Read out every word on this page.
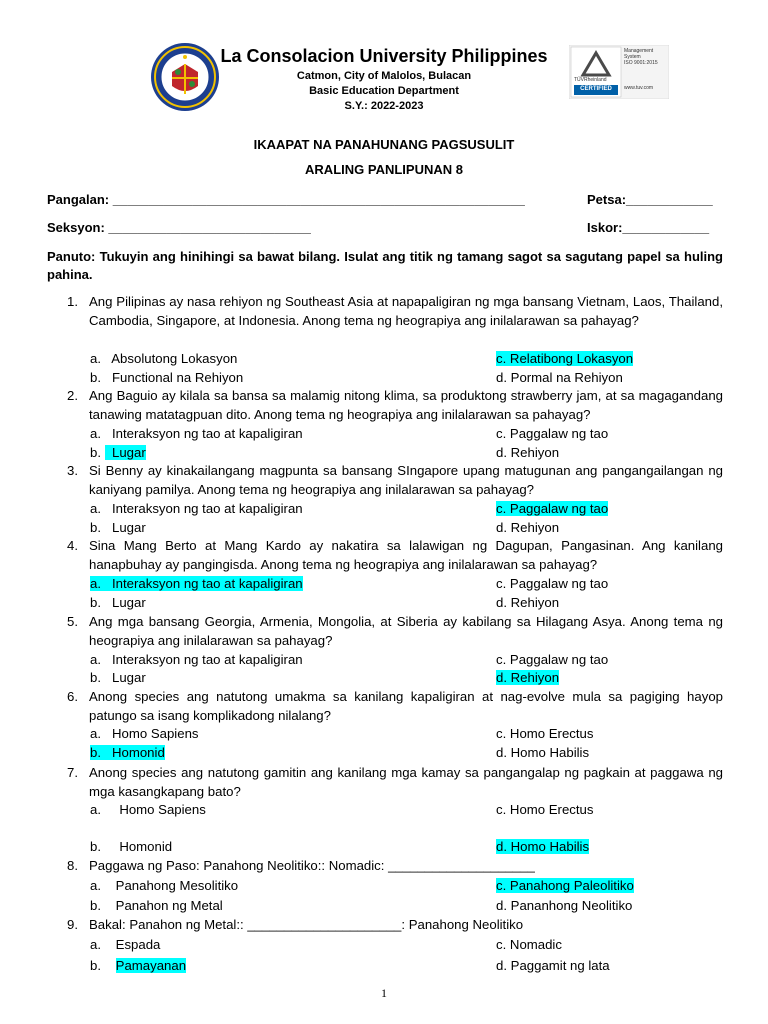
La Consolacion University Philippines
Catmon, City of Malolos, Bulacan
Basic Education Department
S.Y.: 2022-2023
Management
System
ISO 9001:2015
TÜVRheinland
CERTIFIED	www.tuv.com
IKAAPAT NA PANAHUNANG PAGSUSULIT
ARALING PANLIPUNAN 8
Pangalan: _________________________________________________________	Petsa:____________
Seksyon: ____________________________	Iskor:____________
Panuto: Tukuyin ang hinihingi sa bawat bilang. Isulat ang titik ng tamang sagot sa sagutang papel sa huling pahina.
1. Ang Pilipinas ay nasa rehiyon ng Southeast Asia at napapaligiran ng mga bansang Vietnam, Laos, Thailand, Cambodia, Singapore, at Indonesia. Anong tema ng heograpiya ang inilalarawan sa pahayag?
a. Absolutong Lokasyon
b. Functional na Rehiyon
c. Relatibong Lokasyon
d. Pormal na Rehiyon
2. Ang Baguio ay kilala sa bansa sa malamig nitong klima, sa produktong strawberry jam, at sa magagandang tanawing matatagpuan dito. Anong tema ng heograpiya ang inilalarawan sa pahayag?
a. Interaksyon ng tao at kapaligiran
b. Lugar
c. Paggalaw ng tao
d. Rehiyon
3. Si Benny ay kinakailangang magpunta sa bansang SIngapore upang matugunan ang pangangailangan ng kaniyang pamilya. Anong tema ng heograpiya ang inilalarawan sa pahayag?
a. Interaksyon ng tao at kapaligiran
b. Lugar
c. Paggalaw ng tao
d. Rehiyon
4. Sina Mang Berto at Mang Kardo ay nakatira sa lalawigan ng Dagupan, Pangasinan. Ang kanilang hanapbuhay ay pangingisda. Anong tema ng heograpiya ang inilalarawan sa pahayag?
a. Interaksyon ng tao at kapaligiran
b. Lugar
c. Paggalaw ng tao
d. Rehiyon
5. Ang mga bansang Georgia, Armenia, Mongolia, at Siberia ay kabilang sa Hilagang Asya. Anong tema ng heograpiya ang inilalarawan sa pahayag?
a. Interaksyon ng tao at kapaligiran
b. Lugar
c. Paggalaw ng tao
d. Rehiyon
6. Anong species ang natutong umakma sa kanilang kapaligiran at nag-evolve mula sa pagiging hayop patungo sa isang komplikadong nilalang?
a. Homo Sapiens
b. Homonid
c. Homo Erectus
d. Homo Habilis
7. Anong species ang natutong gamitin ang kanilang mga kamay sa pangangalap ng pagkain at paggawa ng mga kasangkapang bato?
a.     Homo Sapiens
b.     Homonid
c. Homo Erectus
d. Homo Habilis
8. Paggawa ng Paso: Panahong Neolitiko:: Nomadic: ____________________
a. Panahong Mesolitiko
b. Panahon ng Metal
c. Panahong Paleolitiko
d. Pananhong Neolitiko
9. Bakal: Panahon ng Metal:: _____________________: Panahong Neolitiko
a. Espada
b. Pamayanan
c. Nomadic
d. Paggamit ng lata
1
